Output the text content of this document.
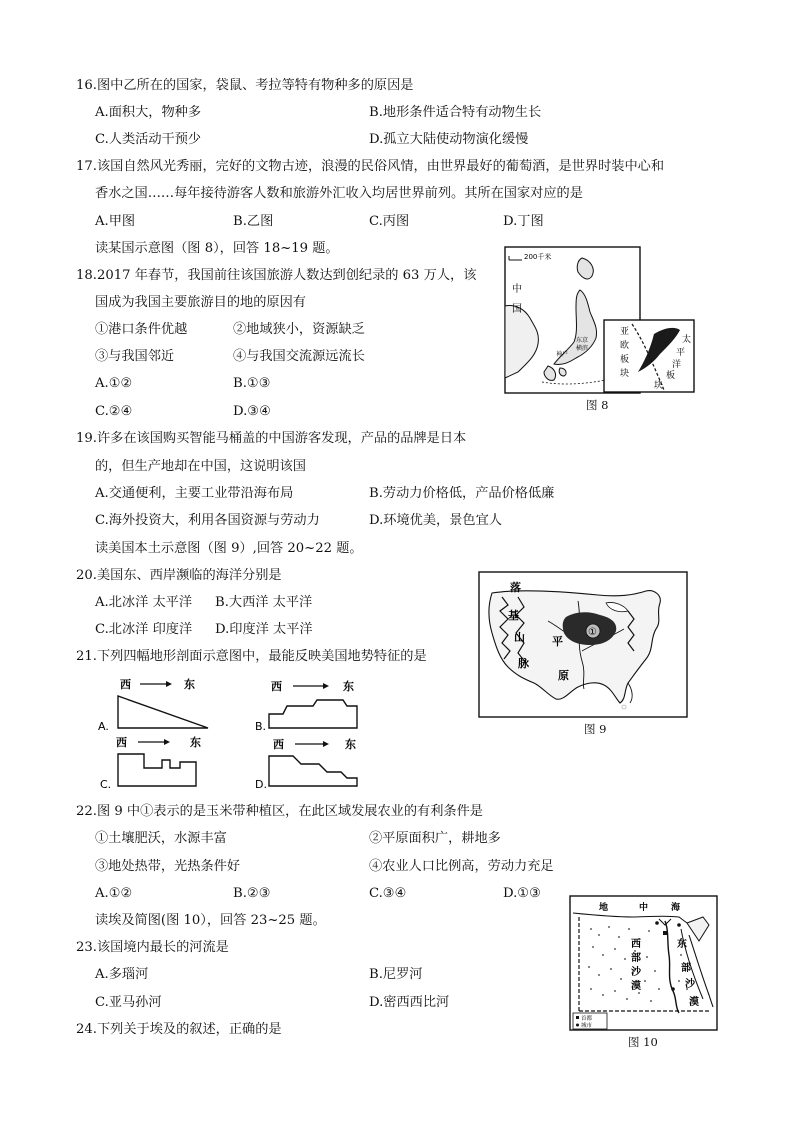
16.图中乙所在的国家，袋鼠、考拉等特有物种多的原因是
A.面积大，物种多	B.地形条件适合特有动物生长
C.人类活动干预少	D.孤立大陆使动物演化缓慢
17.该国自然风光秀丽，完好的文物古迹，浪漫的民俗风情，由世界最好的葡萄酒，是世界时装中心和
香水之国……每年接待游客人数和旅游外汇收入均居世界前列。其所在国家对应的是
A.甲图	B.乙图	C.丙图	D.丁图
读某国示意图（图 8），回答 18~19 题。
18.2017 年春节，我国前往该国旅游人数达到创纪录的 63 万人，该
国成为我国主要旅游目的地的原因有
①港口条件优越	②地域狭小，资源缺乏
③与我国邻近	④与我国交流源远流长
A.①②	B.①③
C.②④	D.③④
200千米
中
国
东京
横滨
神户
亚
欧
板
块
太
平
洋
板
块
图 8
19.许多在该国购买智能马桶盖的中国游客发现，产品的品牌是日本
的，但生产地却在中国，这说明该国
A.交通便利，主要工业带沿海布局	B.劳动力价格低，产品价格低廉
C.海外投资大，利用各国资源与劳动力	D.环境优美，景色宜人
读美国本土示意图（图 9）,回答 20~22 题。
20.美国东、西岸濒临的海洋分别是
A.北冰洋 太平洋 B.大西洋 太平洋
C.北冰洋 印度洋 D.印度洋 太平洋	①
落
基
山
脉
平
原
图 9
21.下列四幅地形剖面示意图中，最能反映美国地势特征的是
西	东
A.
西	东
B.
西	东
C.
西	东
D.
22.图 9 中①表示的是玉米带种植区，在此区域发展农业的有利条件是
①土壤肥沃，水源丰富	②平原面积广，耕地多
③地处热带，光热条件好	④农业人口比例高，劳动力充足
A.①②	B.②③	C.③④	D.①③
读埃及简图(图 10），回答 23~25 题。
地	中	海
西
部
沙
漠
东
部
沙
漠
首都
城市
图 10
23.该国境内最长的河流是
A.多瑙河	B.尼罗河
C.亚马孙河	D.密西西比河
24.下列关于埃及的叙述，正确的是
